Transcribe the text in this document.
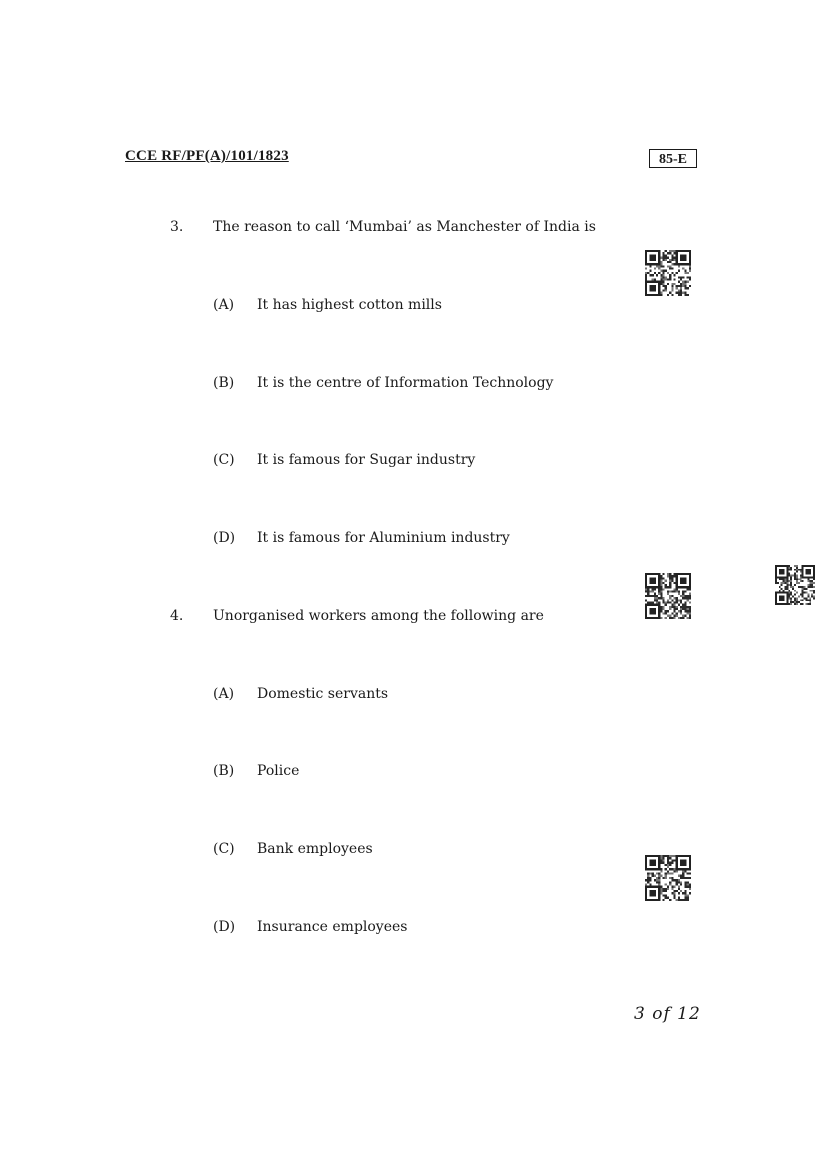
CCE RF/PF(A)/101/1823	85-E
3. The reason to call ‘Mumbai’ as Manchester of India is
(A) It has highest cotton mills
(B) It is the centre of Information Technology
(C) It is famous for Sugar industry
(D) It is famous for Aluminium industry
4. Unorganised workers among the following are
(A) Domestic servants
(B) Police
(C) Bank employees
(D) Insurance employees
3 of 12
